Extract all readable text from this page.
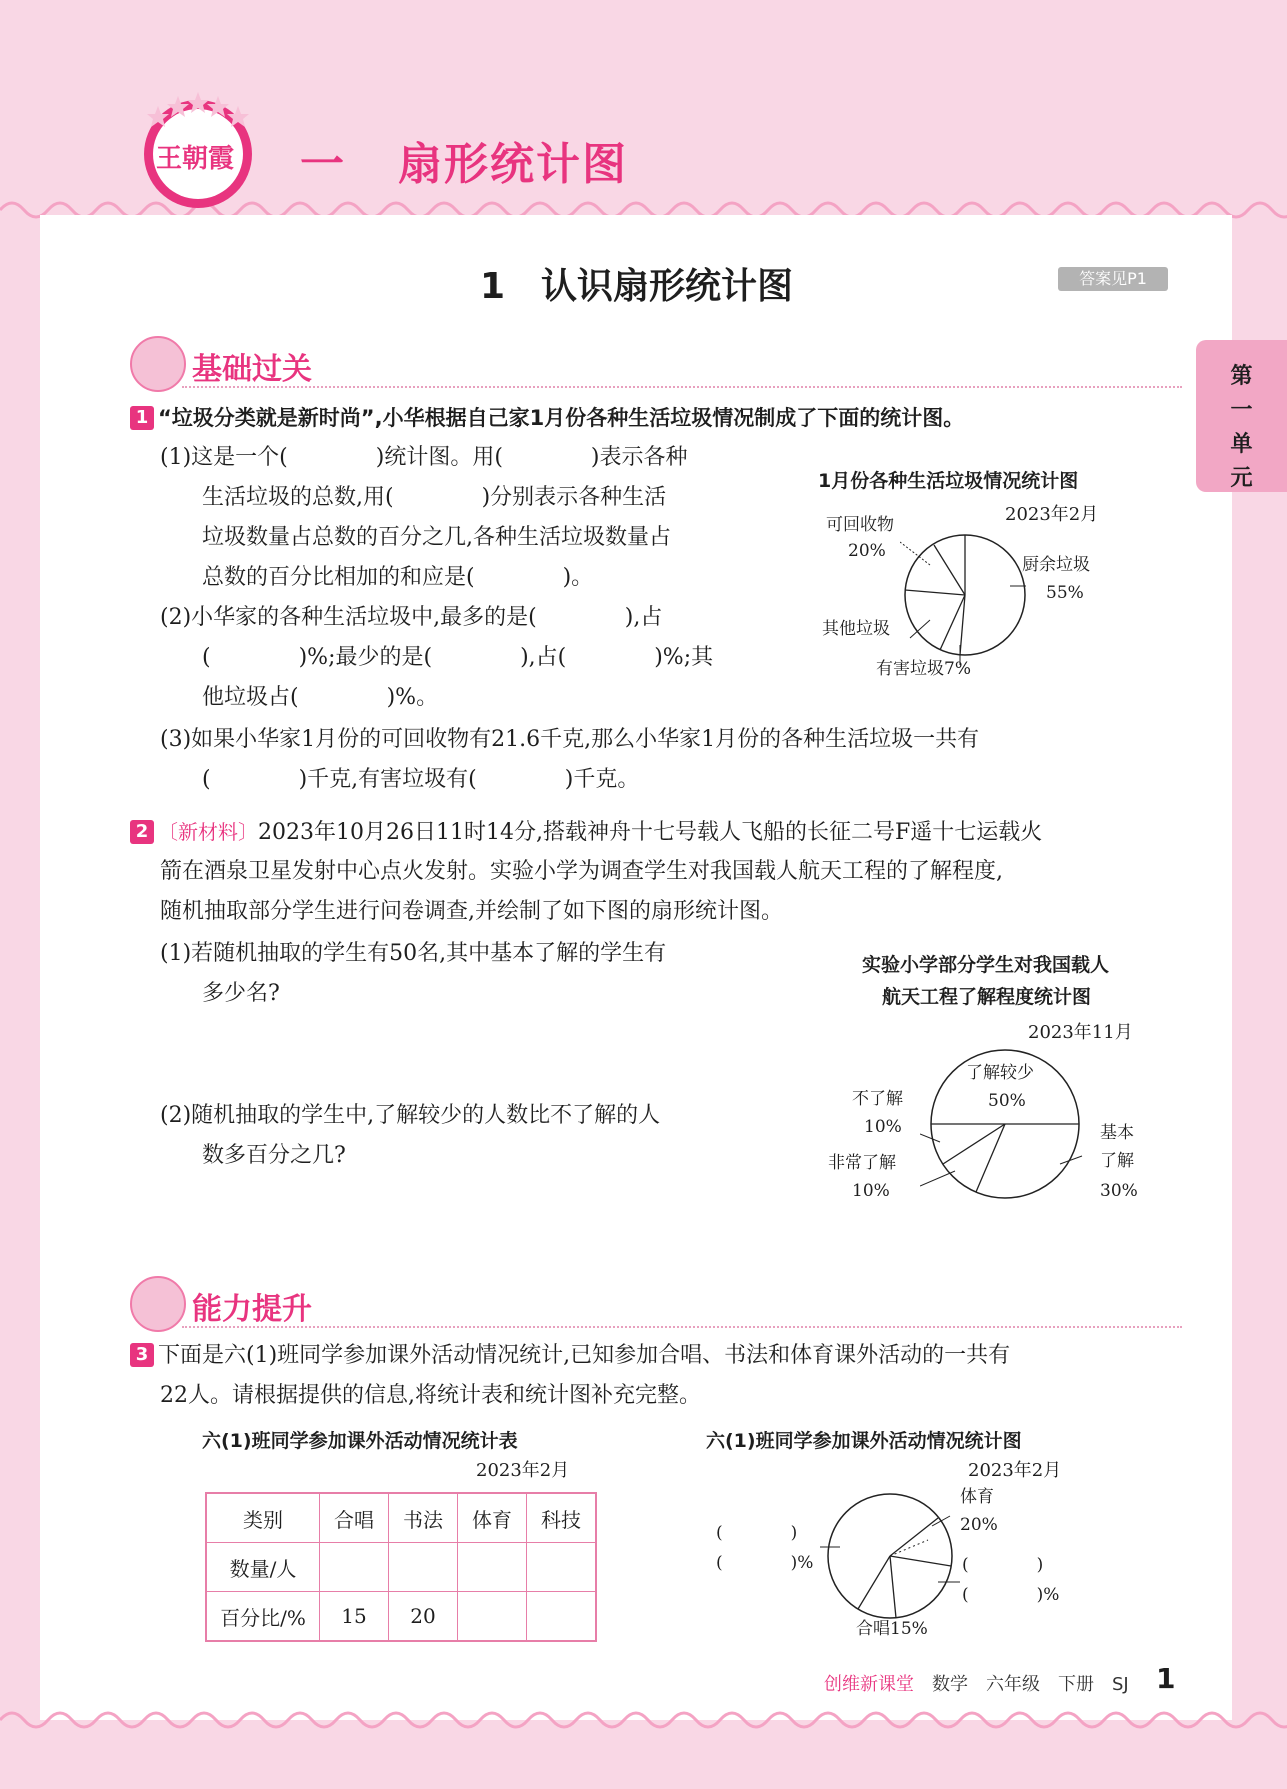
王朝霞 一 扇形统计图
第一单元
1　认识扇形统计图	答案见P1
基础过关
1 “垃圾分类就是新时尚”,小华根据自己家1月份各种生活垃圾情况制成了下面的统计图。
(1)这是一个(　　　　)统计图。用(　　　　)表示各种
生活垃圾的总数,用(　　　　)分别表示各种生活
垃圾数量占总数的百分之几,各种生活垃圾数量占
总数的百分比相加的和应是(　　　　)。
(2)小华家的各种生活垃圾中,最多的是(　　　　),占
(　　　　)%;最少的是(　　　　),占(　　　　)%;其
他垃圾占(　　　　)%。
(3)如果小华家1月份的可回收物有21.6千克,那么小华家1月份的各种生活垃圾一共有
(　　　　)千克,有害垃圾有(　　　　)千克。
1月份各种生活垃圾情况统计图
2023年2月
可回收物
20%
厨余垃圾
55%
其他垃圾
有害垃圾7%
2 〔新材料〕2023年10月26日11时14分,搭载神舟十七号载人飞船的长征二号F遥十七运载火
箭在酒泉卫星发射中心点火发射。实验小学为调查学生对我国载人航天工程的了解程度,
随机抽取部分学生进行问卷调查,并绘制了如下图的扇形统计图。
(1)若随机抽取的学生有50名,其中基本了解的学生有
多少名?
(2)随机抽取的学生中,了解较少的人数比不了解的人
数多百分之几?
实验小学部分学生对我国载人
航天工程了解程度统计图
2023年11月
了解较少
50%
不了解
10%
非常了解
10%
基本
了解
30%
能力提升
3 下面是六(1)班同学参加课外活动情况统计,已知参加合唱、书法和体育课外活动的一共有
22人。请根据提供的信息,将统计表和统计图补充完整。
六(1)班同学参加课外活动情况统计表
2023年2月
类别	合唱	书法	体育	科技
数量/人				
百分比/%	15	20		
六(1)班同学参加课外活动情况统计图
2023年2月
体育
20%
(　　　　)
(　　　　)%	(　　　　)
(　　　　)%
合唱15%
创维新课堂 数学　六年级　下册　SJ 1
